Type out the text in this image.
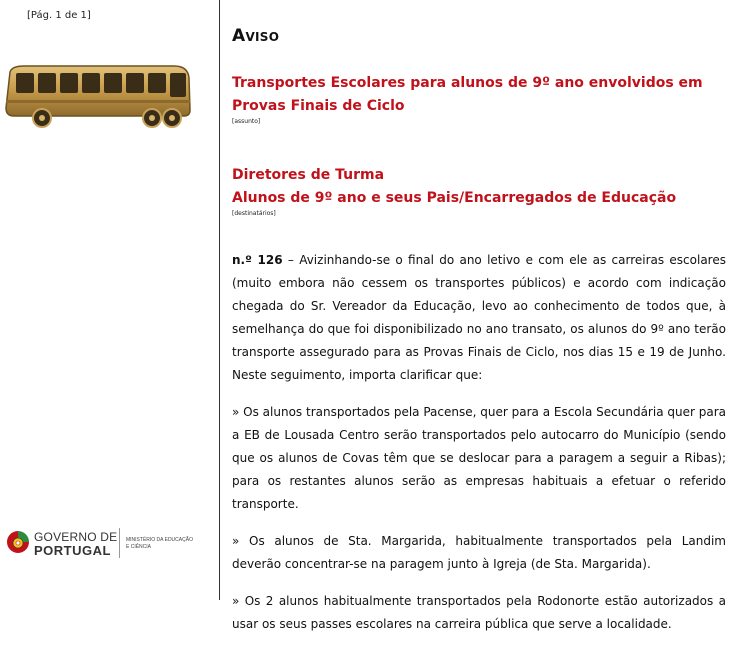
[Pág. 1 de 1]
GOVERNO DE
PORTUGAL
MINISTÉRIO DA EDUCAÇÃO
E CIÊNCIA
Aviso
Transportes Escolares para alunos de 9º ano envolvidos em Provas Finais de Ciclo
[assunto]
Diretores de Turma
Alunos de 9º ano e seus Pais/Encarregados de Educação
[destinatários]

n.º 126 – Avizinhando-se o final do ano letivo e com ele as carreiras escolares (muito embora não cessem os transportes públicos) e acordo com indicação chegada do Sr. Vereador da Educação, levo ao conhecimento de todos que, à semelhança do que foi disponibilizado no ano transato, os alunos do 9º ano terão transporte assegurado para as Provas Finais de Ciclo, nos dias 15 e 19 de Junho. Neste seguimento, importa clarificar que:

» Os alunos transportados pela Pacense, quer para a Escola Secundária quer para a EB de Lousada Centro serão transportados pelo autocarro do Município (sendo que os alunos de Covas têm que se deslocar para a paragem a seguir a Ribas); para os restantes alunos serão as empresas habituais a efetuar o referido transporte.

» Os alunos de Sta. Margarida, habitualmente transportados pela Landim deverão concentrar-se na paragem junto à Igreja (de Sta. Margarida).

» Os 2 alunos habitualmente transportados pela Rodonorte estão autorizados a usar os seus passes escolares na carreira pública que serve a localidade.
